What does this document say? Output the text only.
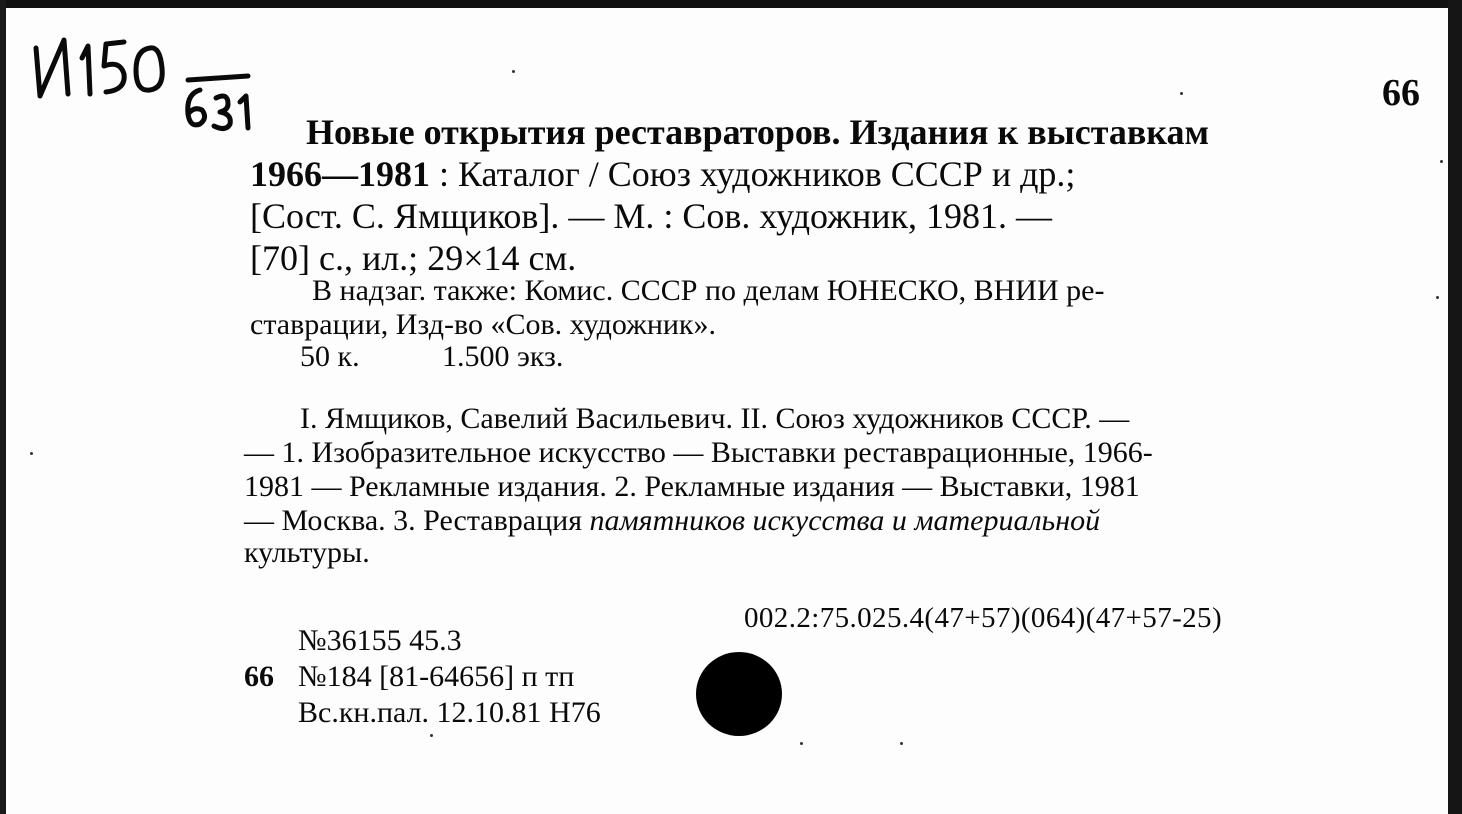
66
Новые открытия реставраторов. Издания к выставкам
1966—1981 : Каталог / Союз художников СССР и др.;
[Сост. С. Ямщиков]. — М. : Сов. художник, 1981. —
[70] с., ил.; 29×14 см.
В надзаг. также: Комис. СССР по делам ЮНЕСКО, ВНИИ ре-
ставрации, Изд-во «Сов. художник».
50 к.	1.500 экз.
I. Ямщиков, Савелий Васильевич. II. Союз художников СССР. —
— 1. Изобразительное искусство — Выставки реставрационные, 1966-
1981 — Рекламные издания. 2. Рекламные издания — Выставки, 1981
— Москва. 3. Реставрация памятников искусства и материальной
культуры.
002.2:75.025.4(47+57)(064)(47+57-25)
№36155 45.3
66 №184 [81-64656] п тп
Вс.кн.пал. 12.10.81 Н76
